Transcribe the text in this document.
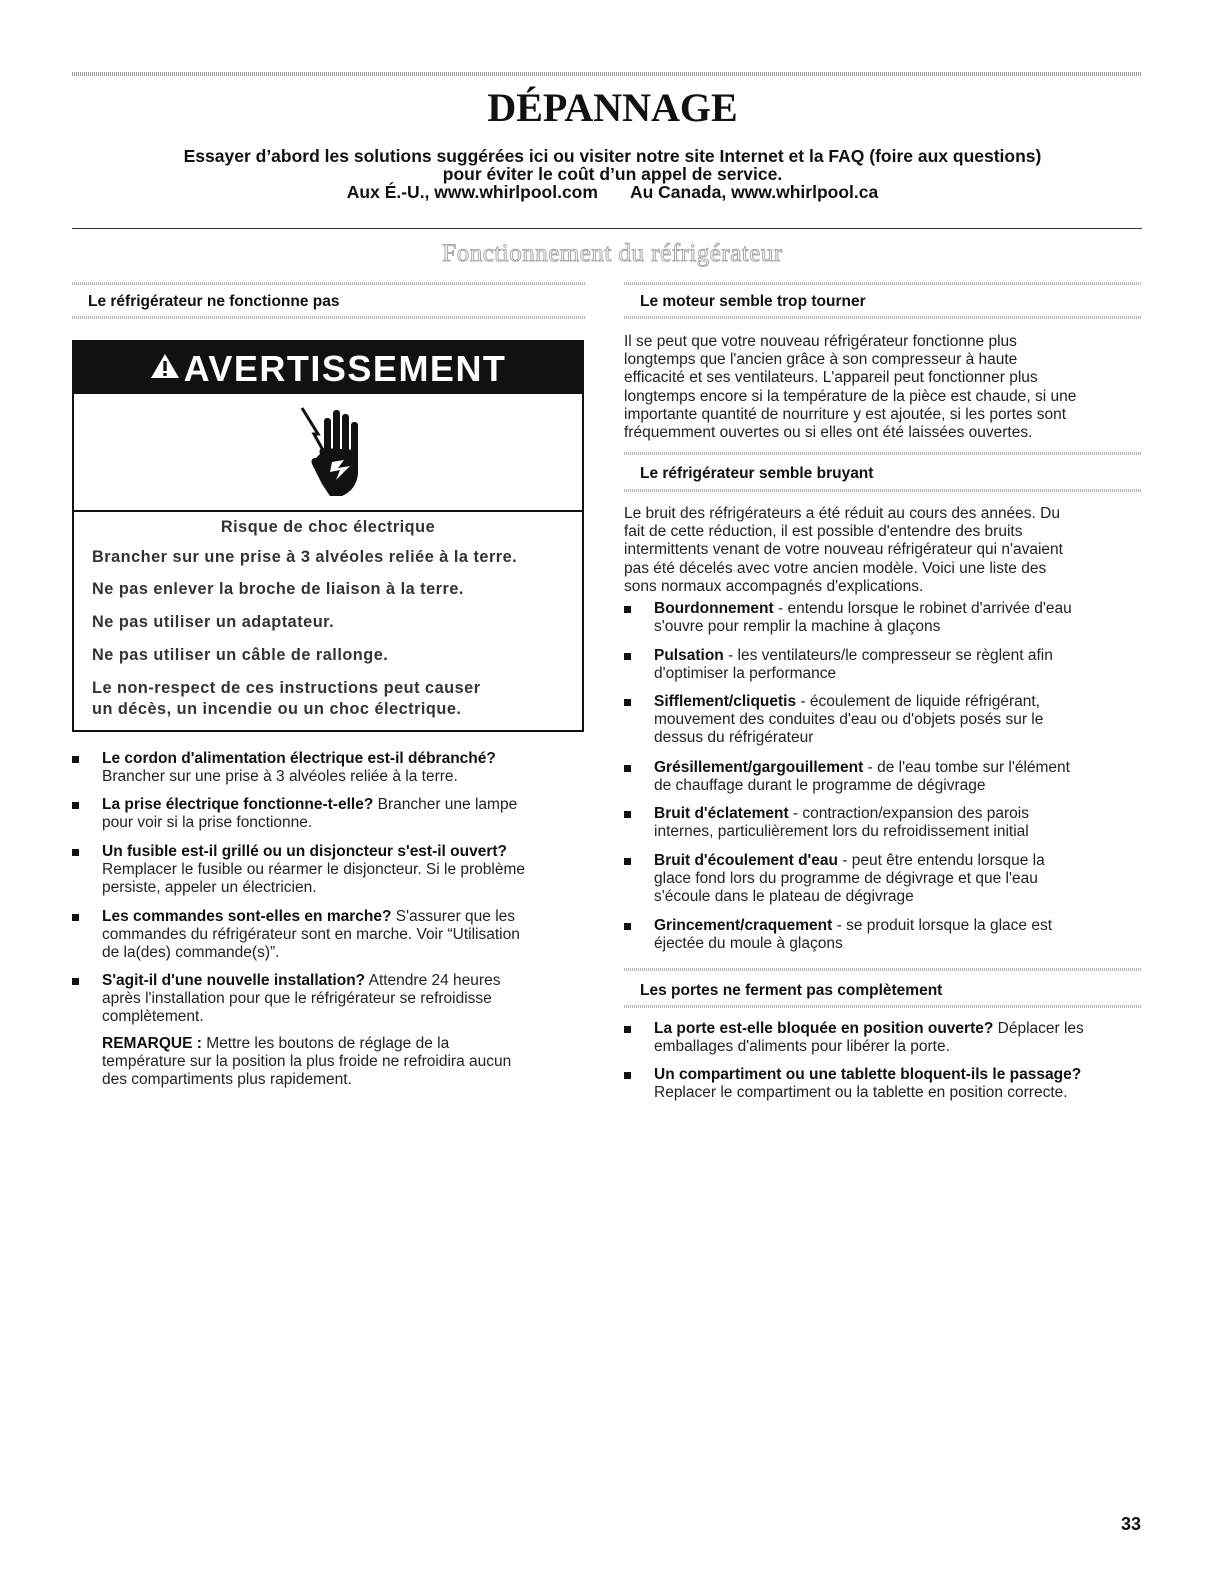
DÉPANNAGE
Essayer d’abord les solutions suggérées ici ou visiter notre site Internet et la FAQ (foire aux questions)
pour éviter le coût d’un appel de service.
Aux É.-U., www.whirlpool.com Au Canada, www.whirlpool.ca
Fonctionnement du réfrigérateur
Le réfrigérateur ne fonctionne pas
AVERTISSEMENT
Risque de choc électrique
Brancher sur une prise à 3 alvéoles reliée à la terre.
Ne pas enlever la broche de liaison à la terre.
Ne pas utiliser un adaptateur.
Ne pas utiliser un câble de rallonge.
Le non-respect de ces instructions peut causer
un décès, un incendie ou un choc électrique.
Le cordon d'alimentation électrique est-il débranché?
Brancher sur une prise à 3 alvéoles reliée à la terre.
La prise électrique fonctionne-t-elle? Brancher une lampe
pour voir si la prise fonctionne.
Un fusible est-il grillé ou un disjoncteur s'est-il ouvert?
Remplacer le fusible ou réarmer le disjoncteur. Si le problème
persiste, appeler un électricien.
Les commandes sont-elles en marche? S'assurer que les
commandes du réfrigérateur sont en marche. Voir “Utilisation
de la(des) commande(s)”.
S'agit-il d'une nouvelle installation? Attendre 24 heures
après l'installation pour que le réfrigérateur se refroidisse
complètement.
REMARQUE : Mettre les boutons de réglage de la
température sur la position la plus froide ne refroidira aucun
des compartiments plus rapidement.
Le moteur semble trop tourner
Il se peut que votre nouveau réfrigérateur fonctionne plus
longtemps que l'ancien grâce à son compresseur à haute
efficacité et ses ventilateurs. L'appareil peut fonctionner plus
longtemps encore si la température de la pièce est chaude, si une
importante quantité de nourriture y est ajoutée, si les portes sont
fréquemment ouvertes ou si elles ont été laissées ouvertes.
Le réfrigérateur semble bruyant
Le bruit des réfrigérateurs a été réduit au cours des années. Du
fait de cette réduction, il est possible d'entendre des bruits
intermittents venant de votre nouveau réfrigérateur qui n'avaient
pas été décelés avec votre ancien modèle. Voici une liste des
sons normaux accompagnés d'explications.
Bourdonnement - entendu lorsque le robinet d'arrivée d'eau
s'ouvre pour remplir la machine à glaçons
Pulsation - les ventilateurs/le compresseur se règlent afin
d'optimiser la performance
Sifflement/cliquetis - écoulement de liquide réfrigérant,
mouvement des conduites d'eau ou d'objets posés sur le
dessus du réfrigérateur
Grésillement/gargouillement - de l'eau tombe sur l'élément
de chauffage durant le programme de dégivrage
Bruit d'éclatement - contraction/expansion des parois
internes, particulièrement lors du refroidissement initial
Bruit d'écoulement d'eau - peut être entendu lorsque la
glace fond lors du programme de dégivrage et que l'eau
s'écoule dans le plateau de dégivrage
Grincement/craquement - se produit lorsque la glace est
éjectée du moule à glaçons
Les portes ne ferment pas complètement
La porte est-elle bloquée en position ouverte? Déplacer les
emballages d'aliments pour libérer la porte.
Un compartiment ou une tablette bloquent-ils le passage?
Replacer le compartiment ou la tablette en position correcte.
33
